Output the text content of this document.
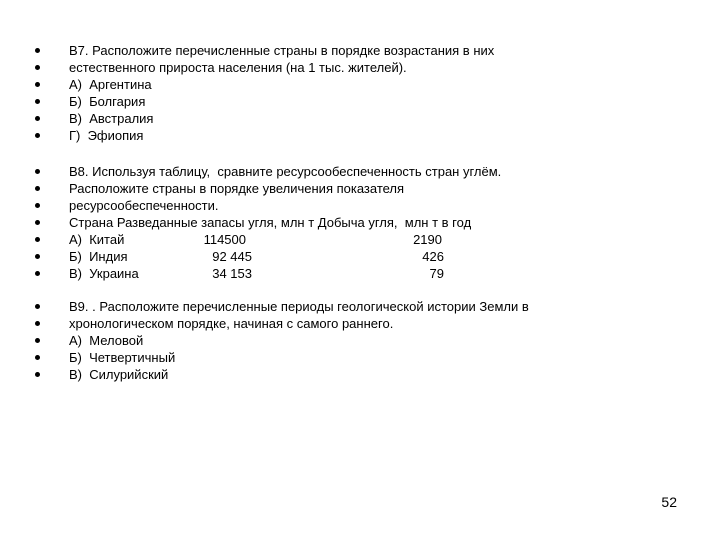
В7. Расположите перечисленные страны в порядке возрастания в них
естественного прироста населения (на 1 тыс. жителей).
А)  Аргентина
Б)  Болгария
В)  Австралия
Г)  Эфиопия
В8. Используя таблицу,  сравните ресурсообеспеченность стран углём.
Расположите страны в порядке увеличения показателя
ресурсообеспеченности.
Страна Разведанные запасы угля, млн т Добыча угля,  млн т в год
А)  Китай	114500	2190
Б)  Индия	92 445	426
В)  Украина	34 153	79
В9. . Расположите перечисленные периоды геологической истории Земли в
хронологическом порядке, начиная с самого раннего.
А)  Меловой
Б)  Четвертичный
В)  Силурийский
52
